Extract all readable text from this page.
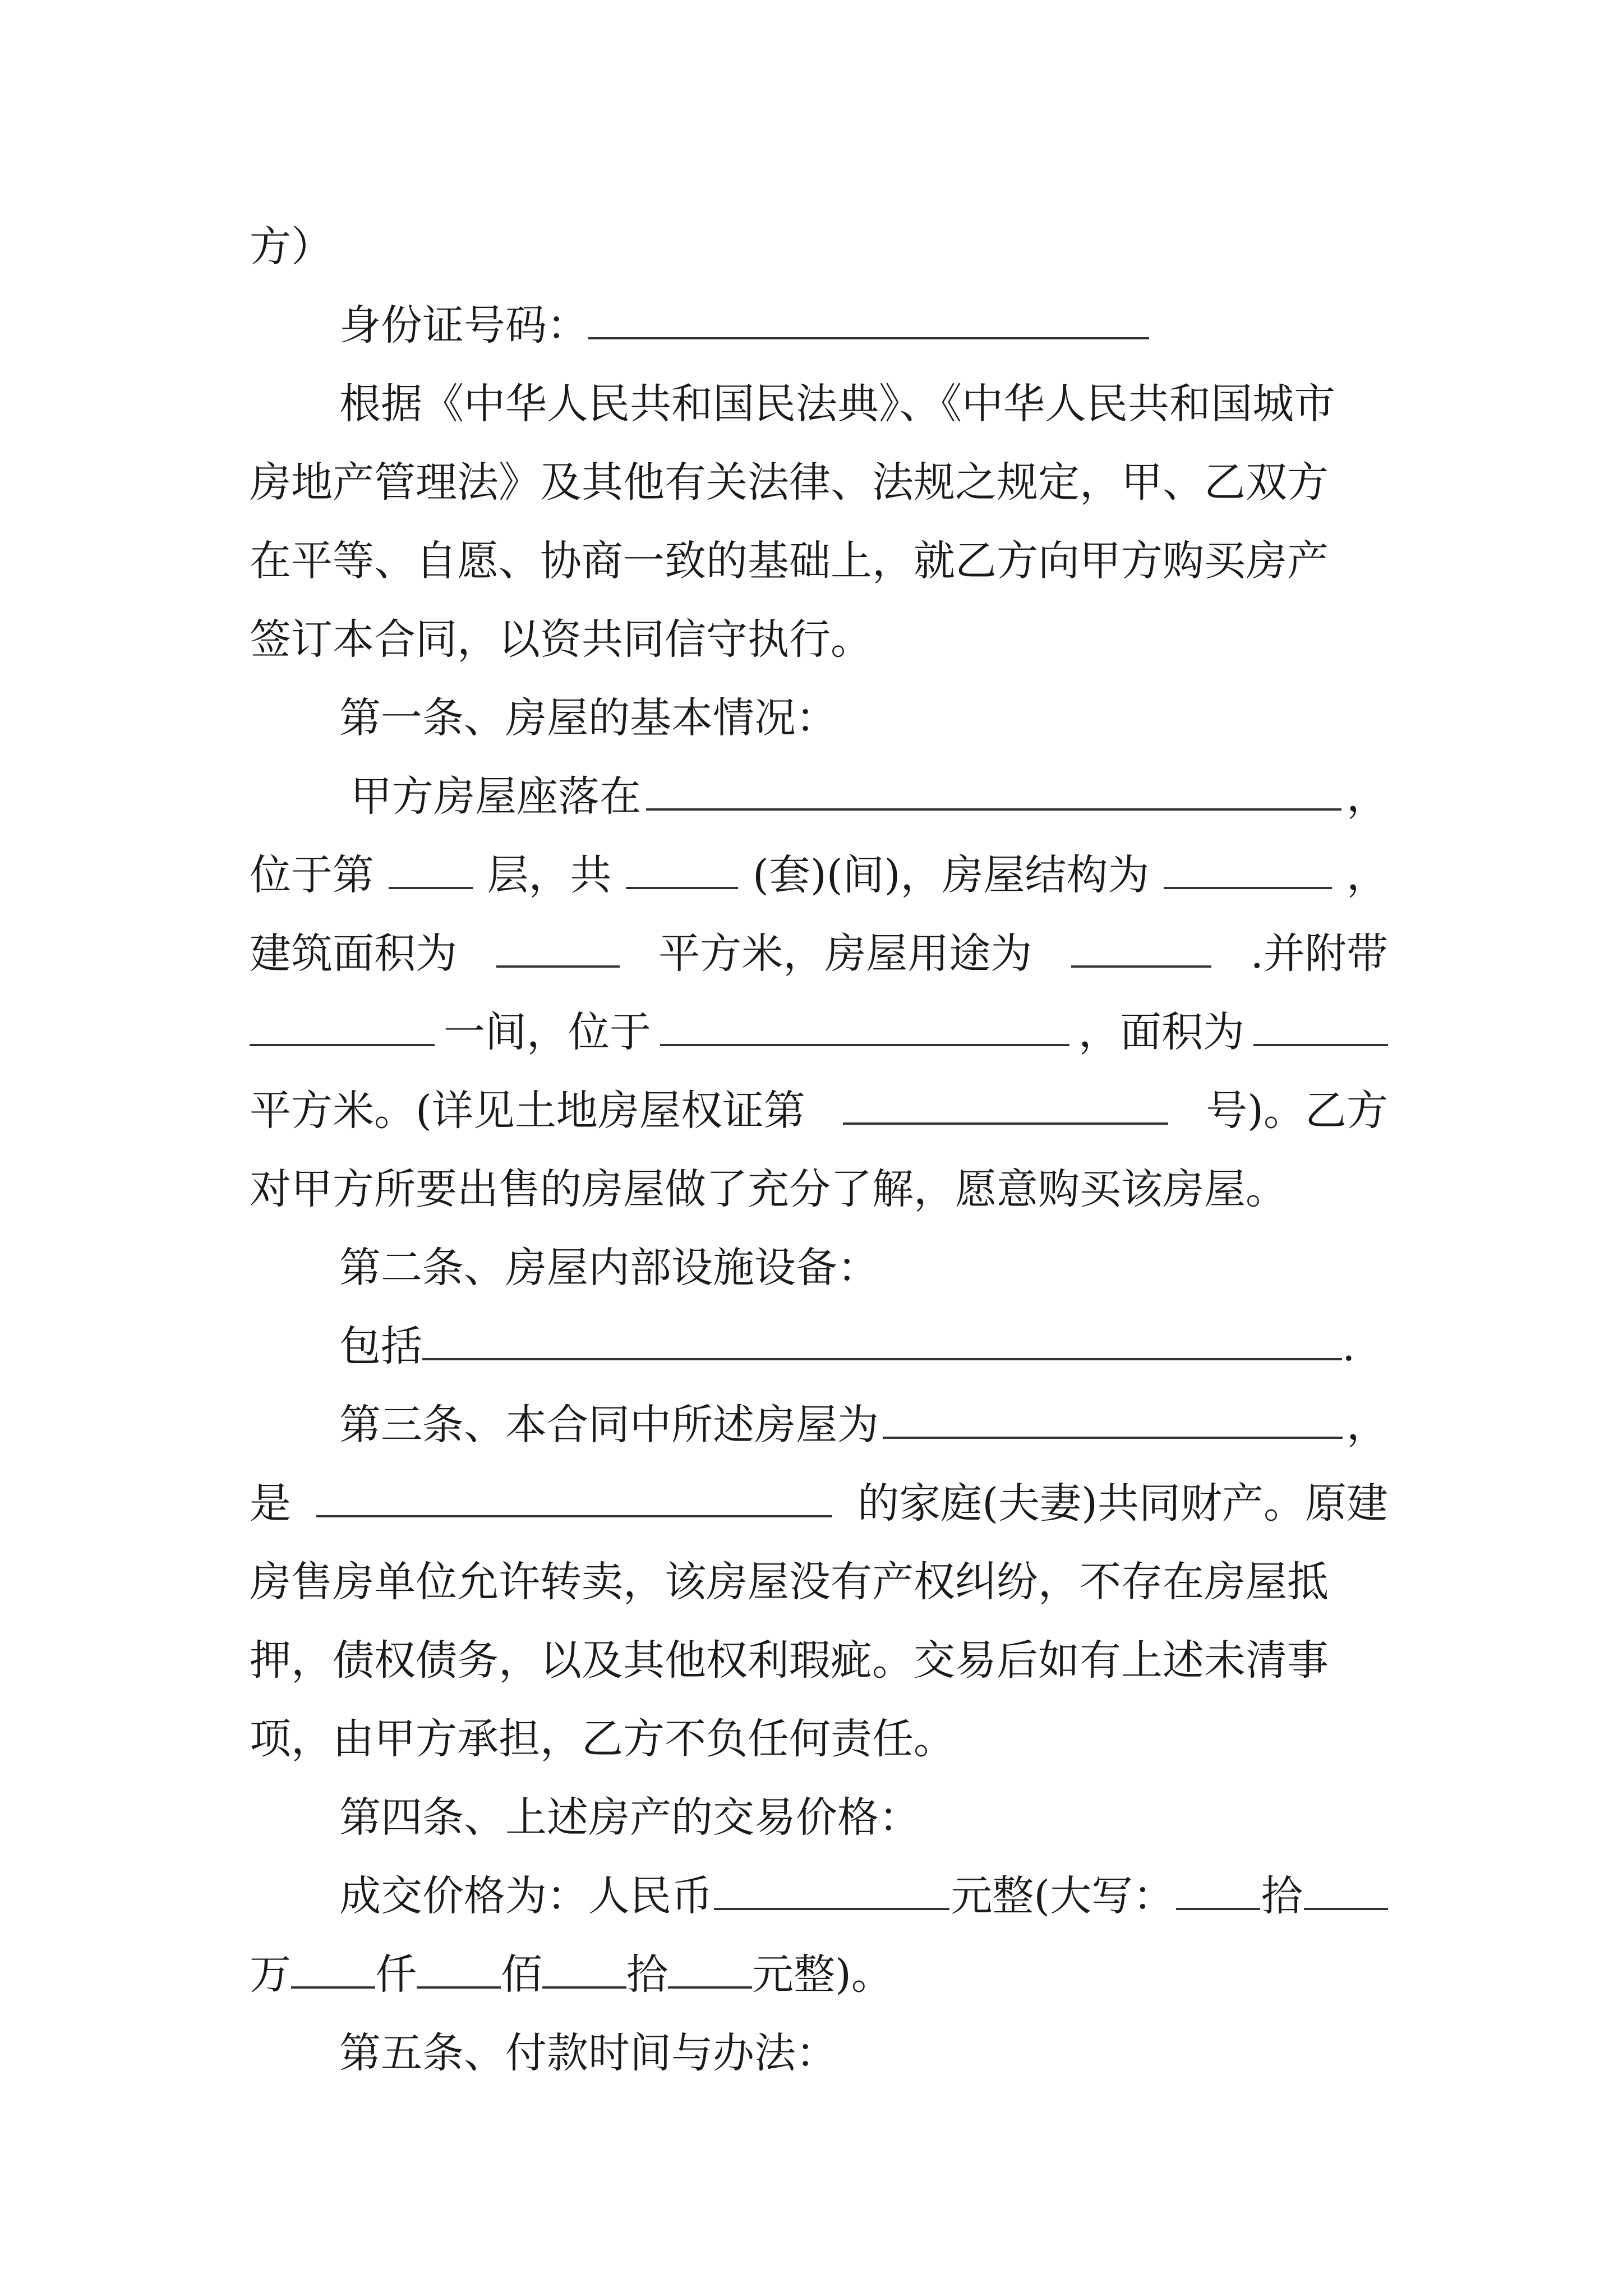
方）
身份证号码：
根据《中华人民共和国民法典》、《中华人民共和国城市
房地产管理法》及其他有关法律、法规之规定，甲、乙双方
在平等、自愿、协商一致的基础上，就乙方向甲方购买房产
签订本合同，以资共同信守执行。
第一条、房屋的基本情况：
甲方房屋座落在	，
位于第	层，共	(套)(间)，房屋结构为	，
建筑面积为	平方米，房屋用途为	.并附带
一间，位于	，面积为
平方米。(详见土地房屋权证第	号)。乙方
对甲方所要出售的房屋做了充分了解，愿意购买该房屋。
第二条、房屋内部设施设备：
包括	.
第三条、本合同中所述房屋为	，
是	的家庭(夫妻)共同财产。原建
房售房单位允许转卖，该房屋没有产权纠纷，不存在房屋抵
押，债权债务，以及其他权利瑕疵。交易后如有上述未清事
项，由甲方承担，乙方不负任何责任。
第四条、上述房产的交易价格：
成交价格为：人民币	元整(大写： 拾
万 仟 佰 拾 元整)。
第五条、付款时间与办法：
